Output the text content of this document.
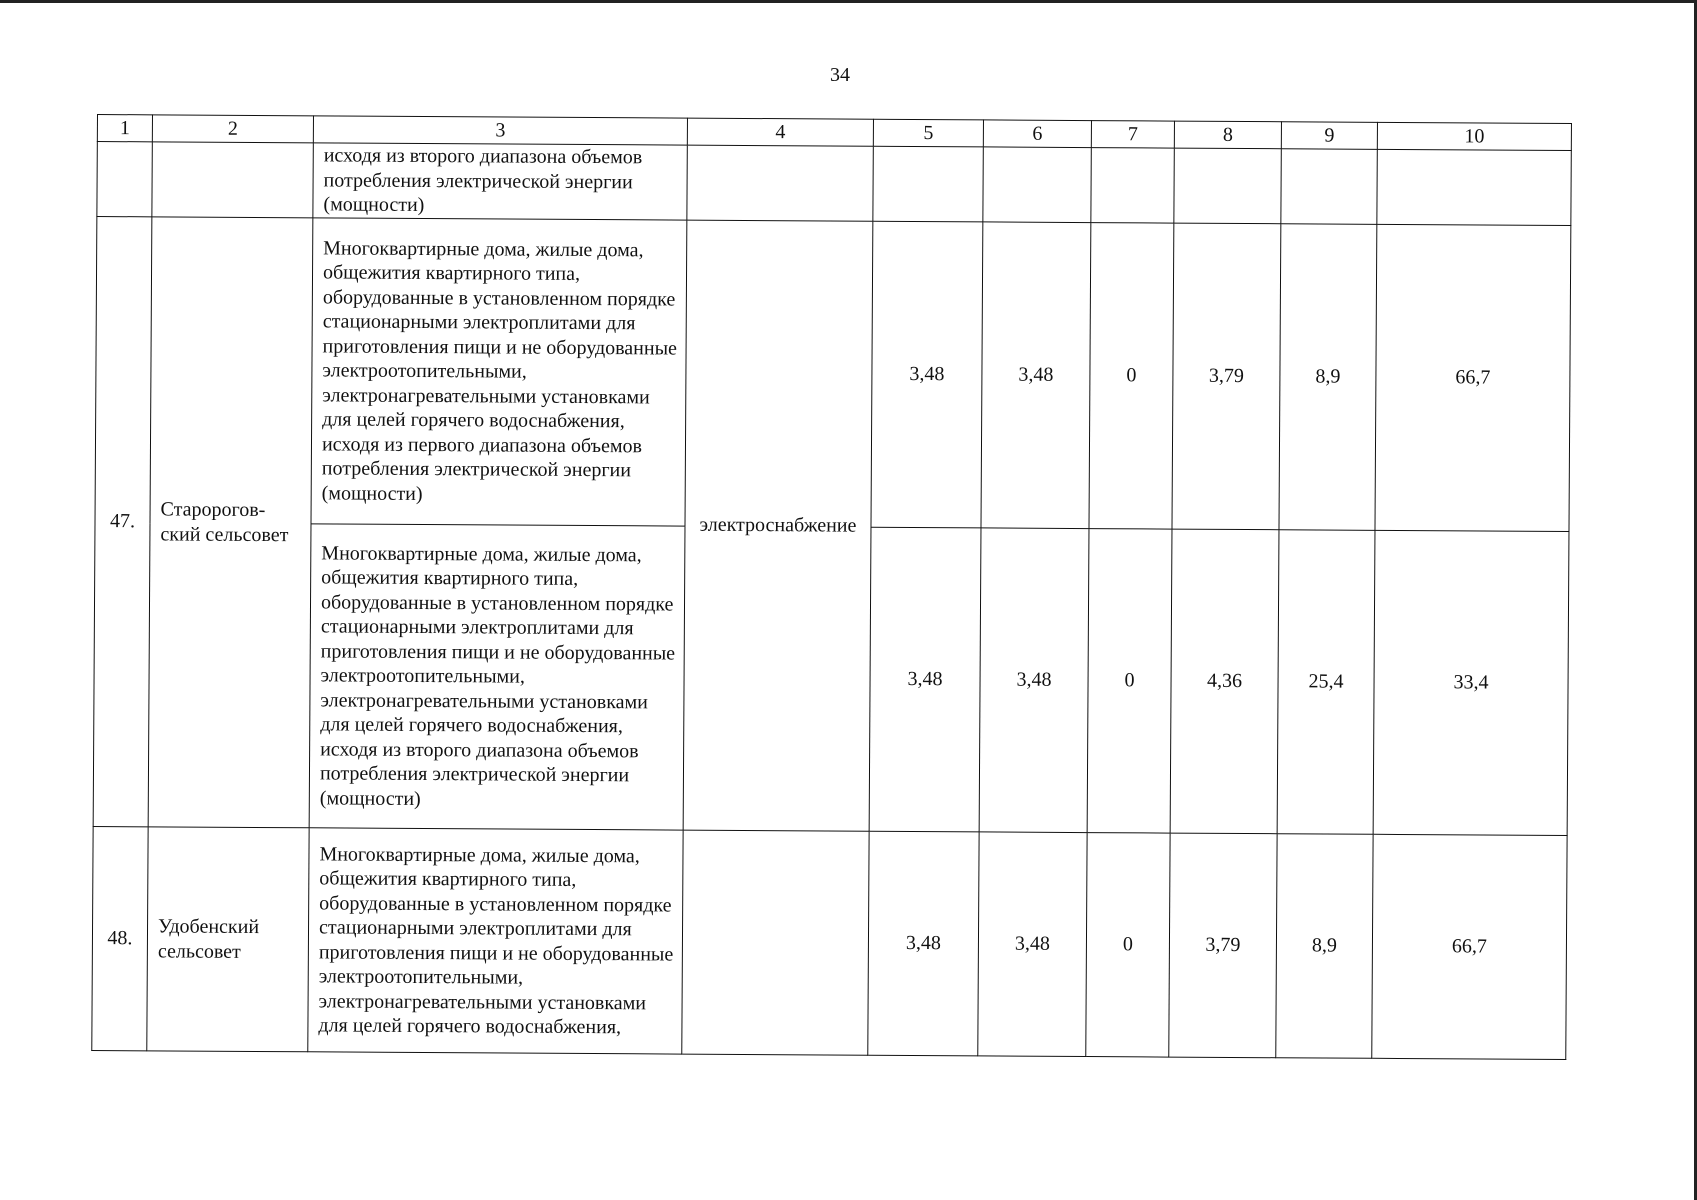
34
1	2	3	4	5	6	7	8	9	10
		исходя из второго диапазона объемов потребления электрической энергии (мощности)							
47.	Старорогов-ский сельсовет	Многоквартирные дома, жилые дома, общежития квартирного типа, оборудованные в установленном порядке стационарными электроплитами для приготовления пищи и не оборудованные электроотопительными, электронагревательными установками для целей горячего водоснабжения, исходя из первого диапазона объемов потребления электрической энергии (мощности)	электроснабжение	3,48	3,48	0	3,79	8,9	66,7
		Многоквартирные дома, жилые дома, общежития квартирного типа, оборудованные в установленном порядке стационарными электроплитами для приготовления пищи и не оборудованные электроотопительными, электронагревательными установками для целей горячего водоснабжения, исходя из второго диапазона объемов потребления электрической энергии (мощности)		3,48	3,48	0	4,36	25,4	33,4
48.	Удобенский сельсовет	Многоквартирные дома, жилые дома, общежития квартирного типа, оборудованные в установленном порядке стационарными электроплитами для приготовления пищи и не оборудованные электроотопительными, электронагревательными установками для целей горячего водоснабжения,		3,48	3,48	0	3,79	8,9	66,7
